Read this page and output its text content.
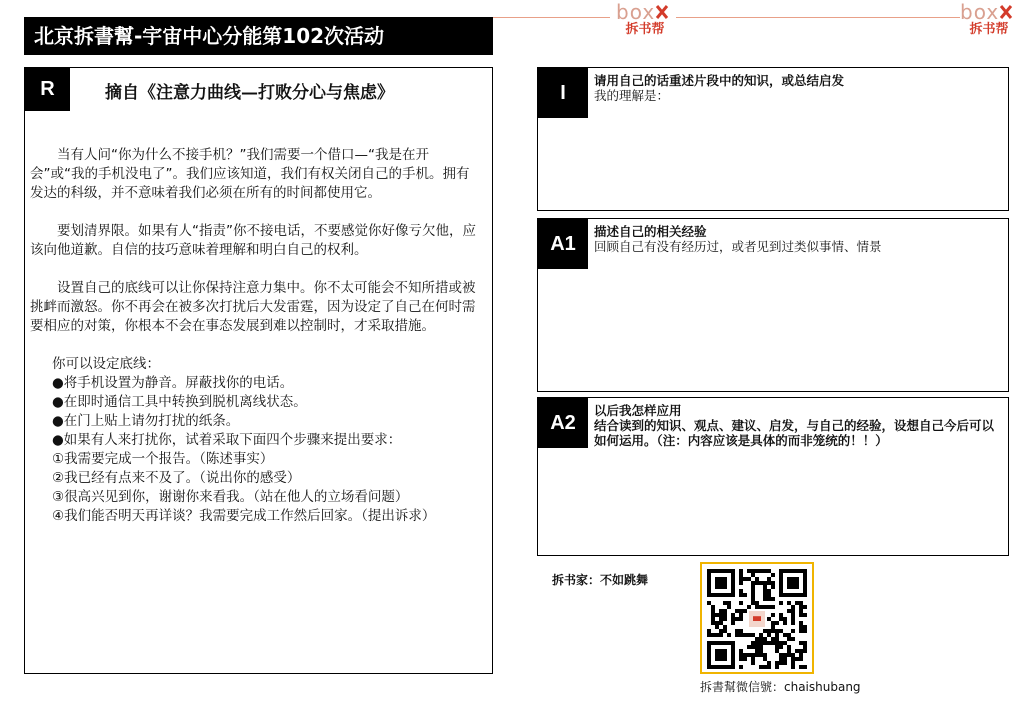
北京拆書幫-宇宙中心分能第102次活动
box
拆书帮
box
拆书帮
R	摘自《注意力曲线—打败分心与焦虑》

当有人问“你为什么不接手机？”我们需要一个借口—“我是在开会”或“我的手机没电了”。我们应该知道，我们有权关闭自己的手机。拥有发达的科级，并不意味着我们必须在所有的时间都使用它。

要划清界限。如果有人“指责”你不接电话，不要感觉你好像亏欠他，应该向他道歉。自信的技巧意味着理解和明白自己的权利。

设置自己的底线可以让你保持注意力集中。你不太可能会不知所措或被挑衅而激怒。你不再会在被多次打扰后大发雷霆，因为设定了自己在何时需要相应的对策，你根本不会在事态发展到难以控制时，才采取措施。

你可以设定底线：
●将手机设置为静音。屏蔽找你的电话。
●在即时通信工具中转换到脱机离线状态。
●在门上贴上请勿打扰的纸条。
●如果有人来打扰你，试着采取下面四个步骤来提出要求：
①我需要完成一个报告。（陈述事实）
②我已经有点来不及了。（说出你的感受）
③很高兴见到你，谢谢你来看我。（站在他人的立场看问题）
④我们能否明天再详谈？我需要完成工作然后回家。（提出诉求）
I
请用自己的话重述片段中的知识，或总结启发
我的理解是：
A1
描述自己的相关经验
回顾自己有没有经历过，或者见到过类似事情、情景
A2
以后我怎样应用
结合读到的知识、观点、建议、启发，与自己的经验，设想自己今后可以如何运用。（注：内容应该是具体的而非笼统的！！）
拆书家：不如跳舞
拆書幫微信號：chaishubang
